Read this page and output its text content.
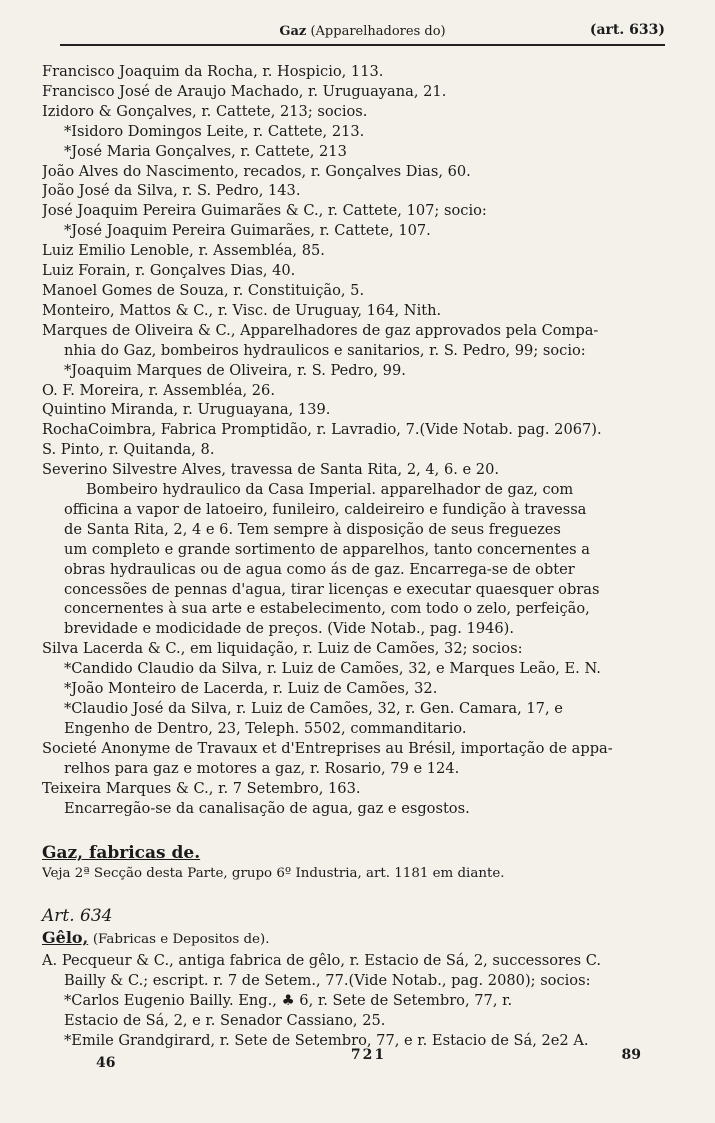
Gaz (Apparelhadores do)	(art. 633)
Francisco Joaquim da Rocha, r. Hospicio, 113.
Francisco José de Araujo Machado, r. Uruguayana, 21.
Izidoro & Gonçalves, r. Cattete, 213; socios.
*Isidoro Domingos Leite, r. Cattete, 213.
*José Maria Gonçalves, r. Cattete, 213
João Alves do Nascimento, recados, r. Gonçalves Dias, 60.
João José da Silva, r. S. Pedro, 143.
José Joaquim Pereira Guimarães & C., r. Cattete, 107; socio:
*José Joaquim Pereira Guimarães, r. Cattete, 107.
Luiz Emilio Lenoble, r. Assembléa, 85.
Luiz Forain, r. Gonçalves Dias, 40.
Manoel Gomes de Souza, r. Constituição, 5.
Monteiro, Mattos & C., r. Visc. de Uruguay, 164, Nith.
Marques de Oliveira & C., Apparelhadores de gaz approvados pela Compa-
nhia do Gaz, bombeiros hydraulicos e sanitarios, r. S. Pedro, 99; socio:
*Joaquim Marques de Oliveira, r. S. Pedro, 99.
O. F. Moreira, r. Assembléa, 26.
Quintino Miranda, r. Uruguayana, 139.
RochaCoimbra, Fabrica Promptidão, r. Lavradio, 7.(Vide Notab. pag. 2067).
S. Pinto, r. Quitanda, 8.
Severino Silvestre Alves, travessa de Santa Rita, 2, 4, 6. e 20.
Bombeiro hydraulico da Casa Imperial. apparelhador de gaz, com
officina a vapor de latoeiro, funileiro, caldeireiro e fundição à travessa
de Santa Rita, 2, 4 e 6. Tem sempre à disposição de seus freguezes
um completo e grande sortimento de apparelhos, tanto concernentes a
obras hydraulicas ou de agua como ás de gaz. Encarrega-se de obter
concessões de pennas d'agua, tirar licenças e executar quaesquer obras
concernentes à sua arte e estabelecimento, com todo o zelo, perfeição,
brevidade e modicidade de preços. (Vide Notab., pag. 1946).
Silva Lacerda & C., em liquidação, r. Luiz de Camões, 32; socios:
*Candido Claudio da Silva, r. Luiz de Camões, 32, e Marques Leão, E. N.
*João Monteiro de Lacerda, r. Luiz de Camões, 32.
*Claudio José da Silva, r. Luiz de Camões, 32, r. Gen. Camara, 17, e
Engenho de Dentro, 23, Teleph. 5502, commanditario.
Societé Anonyme de Travaux et d'Entreprises au Brésil, importação de appa-
relhos para gaz e motores a gaz, r. Rosario, 79 e 124.
Teixeira Marques & C., r. 7 Setembro, 163.
Encarregão-se da canalisação de agua, gaz e esgostos.
Gaz, fabricas de.
Veja 2ª Secção desta Parte, grupo 6º Industria, art. 1181 em diante.
Art. 634
Gêlo, (Fabricas e Depositos de).
A. Pecqueur & C., antiga fabrica de gêlo, r. Estacio de Sá, 2, successores C.
Bailly & C.; escript. r. 7 de Setem., 77.(Vide Notab., pag. 2080); socios:
*Carlos Eugenio Bailly. Eng., ♣ 6, r. Sete de Setembro, 77, r.
Estacio de Sá, 2, e r. Senador Cassiano, 25.
*Emile Grandgirard, r. Sete de Setembro, 77, e r. Estacio de Sá, 2e2 A.
46	721	89
